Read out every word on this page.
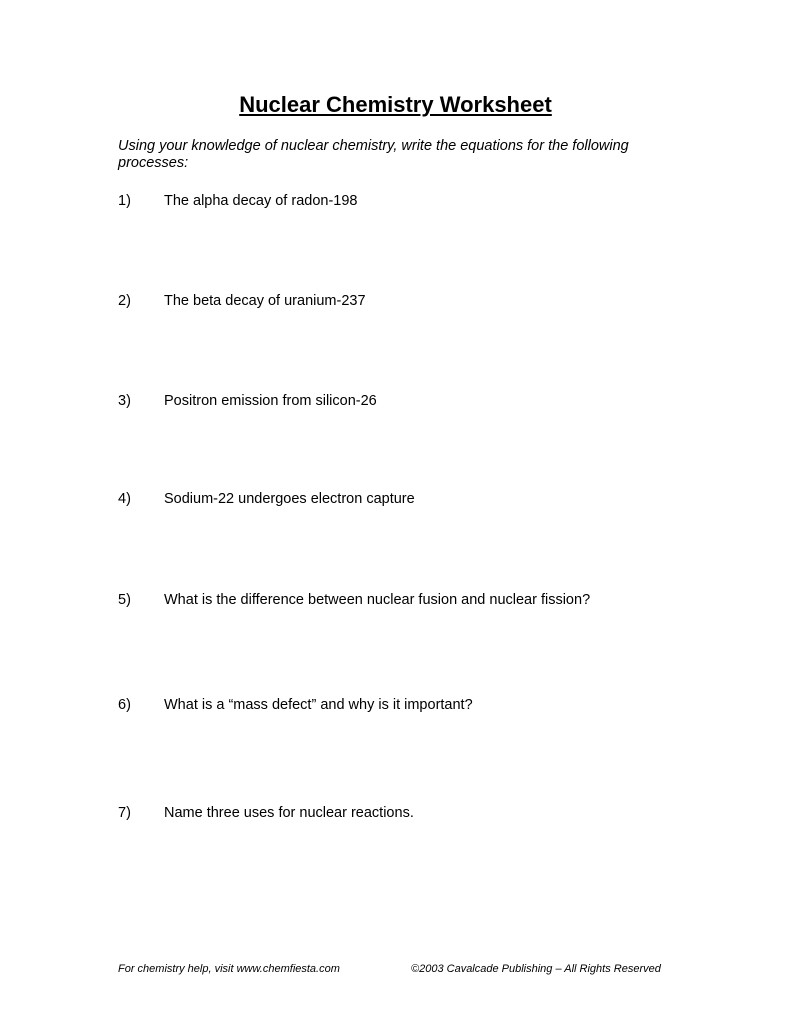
Nuclear Chemistry Worksheet
Using your knowledge of nuclear chemistry, write the equations for the following processes:
1) The alpha decay of radon-198
2) The beta decay of uranium-237
3) Positron emission from silicon-26
4) Sodium-22 undergoes electron capture
5) What is the difference between nuclear fusion and nuclear fission?
6) What is a “mass defect” and why is it important?
7) Name three uses for nuclear reactions.
For chemistry help, visit www.chemfiesta.com	©2003 Cavalcade Publishing – All Rights Reserved
